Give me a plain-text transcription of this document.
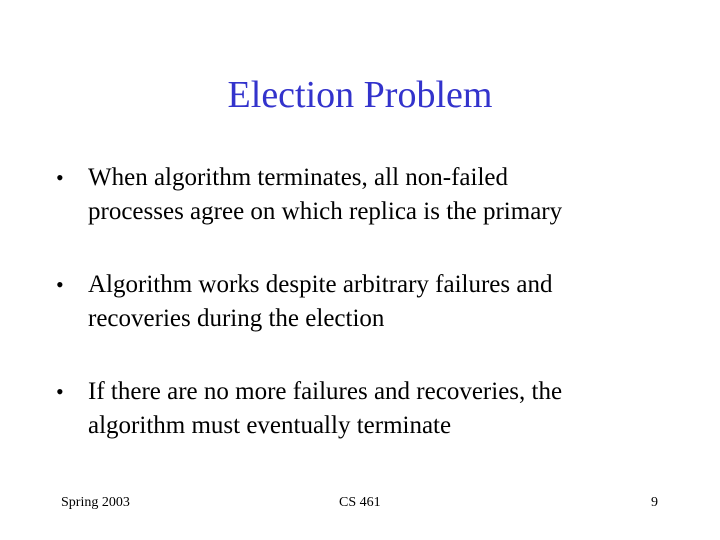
Election Problem
• When algorithm terminates, all non-failed
processes agree on which replica is the primary
• Algorithm works despite arbitrary failures and
recoveries during the election
• If there are no more failures and recoveries, the
algorithm must eventually terminate
Spring 2003	CS 461	9
